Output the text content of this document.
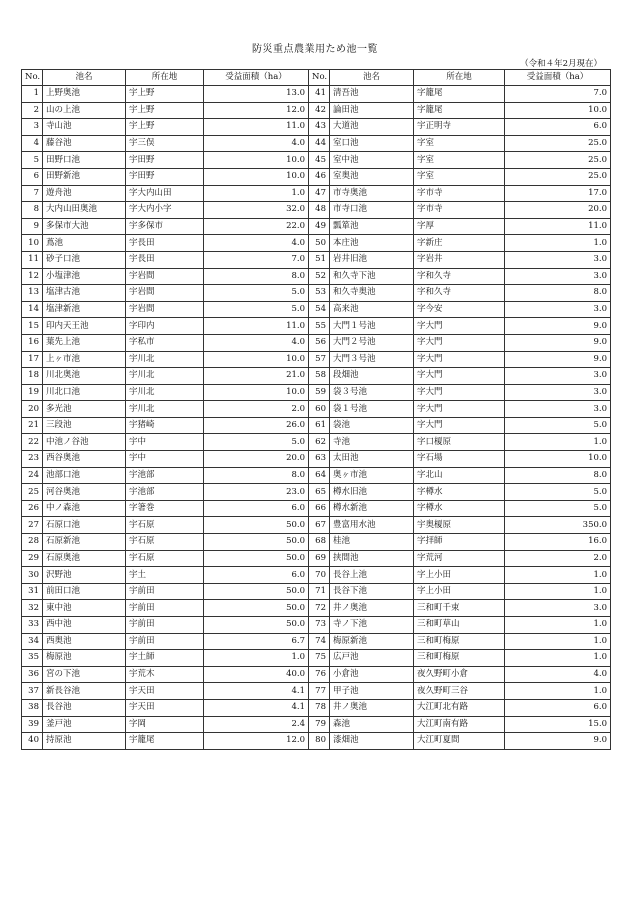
防災重点農業用ため池一覧
（令和４年2月現在）
No.	池名	所在地	受益面積（ha）	No.	池名	所在地	受益面積（ha）
1	上野奥池	宇上野	13.0	41	清吾池	字籠尾	7.0
2	山の上池	宇上野	12.0	42	論田池	字籠尾	10.0
3	寺山池	宇上野	11.0	43	大道池	宇正明寺	6.0
4	藤谷池	宇三俣	4.0	44	室口池	字室	25.0
5	田野口池	宇田野	10.0	45	室中池	字室	25.0
6	田野新池	宇田野	10.0	46	室奥池	字室	25.0
7	遊舟池	字大内山田	1.0	47	市寺奥池	字市寺	17.0
8	大内山田奥池	字大内小字	32.0	48	市寺口池	字市寺	20.0
9	多保市大池	宇多保市	22.0	49	瓢箪池	字厚	11.0
10	蔦池	宇長田	4.0	50	本庄池	字新庄	1.0
11	砂子口池	宇長田	7.0	51	岩井旧池	字岩井	3.0
12	小塩津池	宇岩間	8.0	52	和久寺下池	字和久寺	3.0
13	塩津古池	宇岩間	5.0	53	和久寺奥池	字和久寺	8.0
14	塩津新池	宇岩間	5.0	54	高来池	字今安	3.0
15	印内天王池	字印内	11.0	55	大門１号池	字大門	9.0
16	葉先上池	字私市	4.0	56	大門２号池	字大門	9.0
17	上ヶ市池	宇川北	10.0	57	大門３号池	字大門	9.0
18	川北奥池	宇川北	21.0	58	段畑池	字大門	3.0
19	川北口池	宇川北	10.0	59	袋３号池	字大門	3.0
20	多光池	宇川北	2.0	60	袋１号池	字大門	3.0
21	三段池	宇猪崎	26.0	61	袋池	字大門	5.0
22	中池ノ谷池	宇中	5.0	62	寺池	字口榎原	1.0
23	西谷奥池	宇中	20.0	63	太田池	字石場	10.0
24	池部口池	宇池部	8.0	64	奥ヶ市池	字北山	8.0
25	河谷奥池	宇池部	23.0	65	樽水旧池	字樽水	5.0
26	中ノ森池	字箸巻	6.0	66	樽水新池	字樽水	5.0
27	石原口池	宇石原	50.0	67	豊富用水池	宇奥榎原	350.0
28	石原新池	宇石原	50.0	68	桂池	字拝師	16.0
29	石原奥池	宇石原	50.0	69	挟間池	字荒河	2.0
30	沢野池	宇土	6.0	70	長谷上池	字上小田	1.0
31	前田口池	宇前田	50.0	71	長谷下池	字上小田	1.0
32	東中池	宇前田	50.0	72	井ノ奥池	三和町千束	3.0
33	西中池	宇前田	50.0	73	寺ノ下池	三和町草山	1.0
34	西奥池	宇前田	6.7	74	梅原新池	三和町梅原	1.0
35	梅原池	宇土師	1.0	75	広戸池	三和町梅原	1.0
36	宮の下池	宇荒木	40.0	76	小倉池	夜久野町小倉	4.0
37	新長谷池	宇天田	4.1	77	甲子池	夜久野町三谷	1.0
38	長谷池	宇天田	4.1	78	井ノ奥池	大江町北有路	6.0
39	釜戸池	字岡	2.4	79	森池	大江町南有路	15.0
40	持原池	宇籠尾	12.0	80	漆畑池	大江町夏間	9.0
